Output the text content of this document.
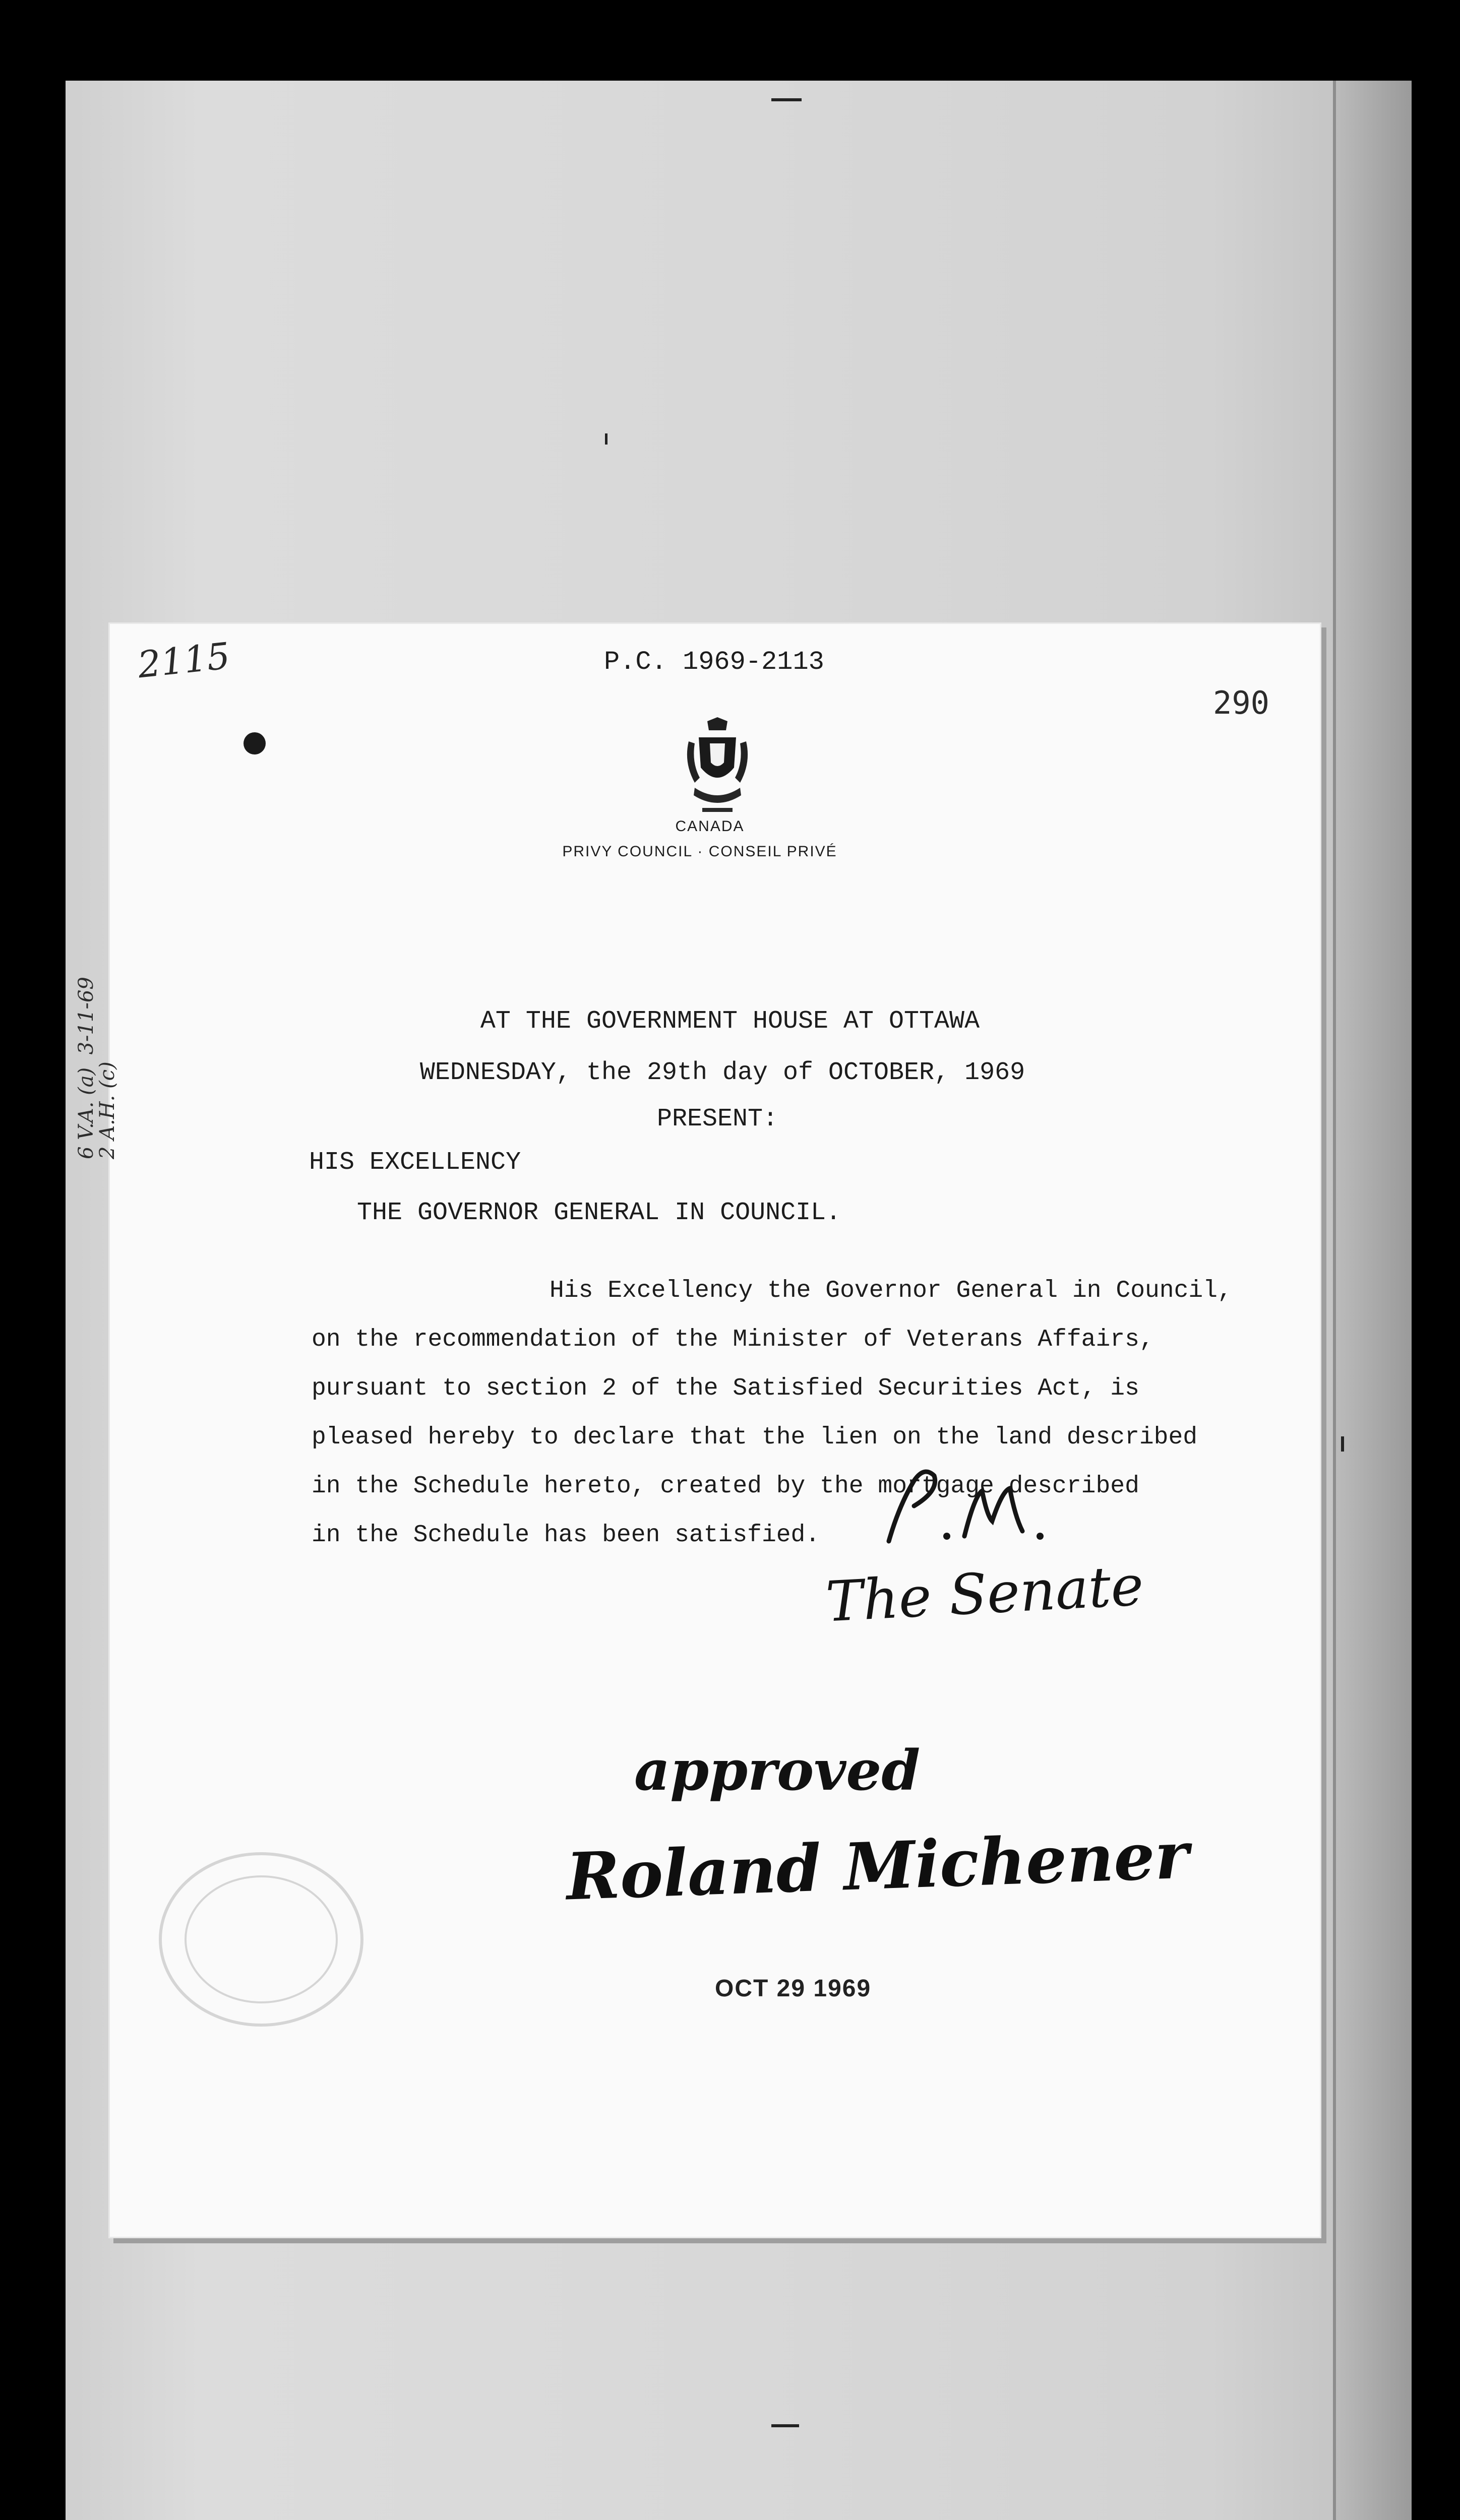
2115	P.C. 1969-2113

290

CANADA

PRIVY COUNCIL · CONSEIL PRIVÉ

AT THE GOVERNMENT HOUSE AT OTTAWA

WEDNESDAY, the 29th day of OCTOBER, 1969

PRESENT:

HIS EXCELLENCY

THE GOVERNOR GENERAL IN COUNCIL.

His Excellency the Governor General in Council,
on the recommendation of the Minister of Veterans Affairs,
pursuant to section 2 of the Satisfied Securities Act, is
pleased hereby to declare that the lien on the land described
in the Schedule hereto, created by the mortgage described
in the Schedule has been satisfied.

The Senate

approved

Roland Michener

OCT 29 1969

6 V.A. (a)  3-11-69
2 A.H. (c)
